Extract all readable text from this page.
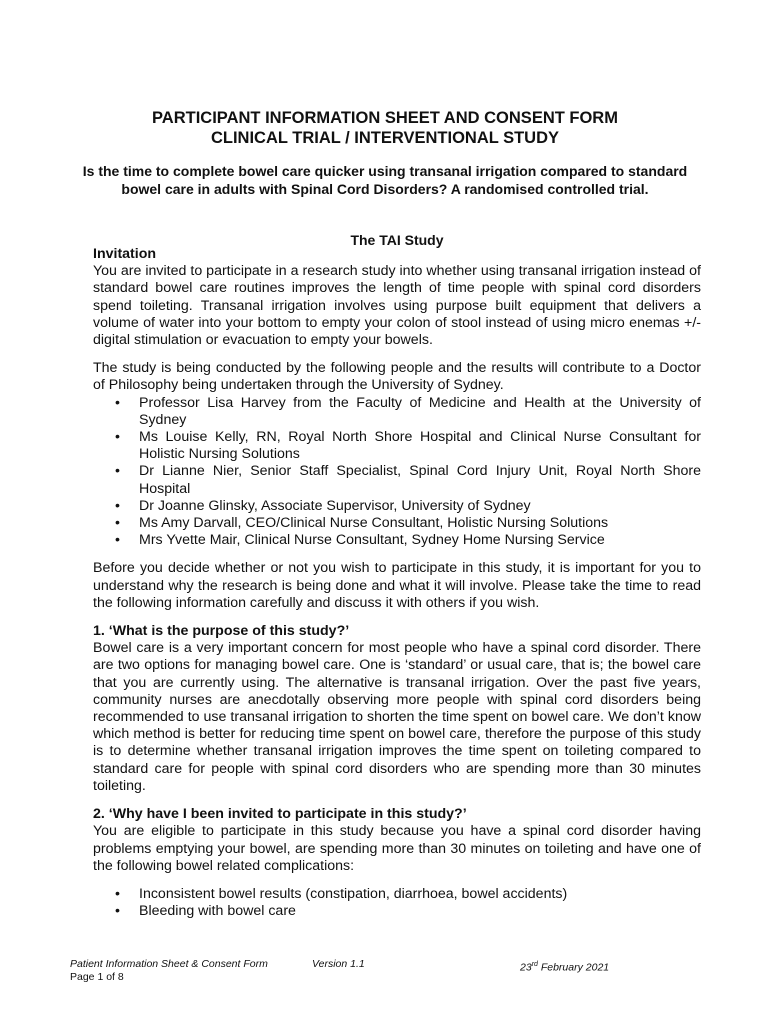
PARTICIPANT INFORMATION SHEET AND CONSENT FORM
CLINICAL TRIAL / INTERVENTIONAL STUDY
Is the time to complete bowel care quicker using transanal irrigation compared to standard bowel care in adults with Spinal Cord Disorders? A randomised controlled trial.
The TAI Study

Invitation

You are invited to participate in a research study into whether using transanal irrigation instead of standard bowel care routines improves the length of time people with spinal cord disorders spend toileting. Transanal irrigation involves using purpose built equipment that delivers a volume of water into your bottom to empty your colon of stool instead of using micro enemas +/- digital stimulation or evacuation to empty your bowels.

The study is being conducted by the following people and the results will contribute to a Doctor of Philosophy being undertaken through the University of Sydney.

• Professor Lisa Harvey from the Faculty of Medicine and Health at the University of Sydney
• Ms Louise Kelly, RN, Royal North Shore Hospital and Clinical Nurse Consultant for Holistic Nursing Solutions
• Dr Lianne Nier, Senior Staff Specialist, Spinal Cord Injury Unit, Royal North Shore Hospital
• Dr Joanne Glinsky, Associate Supervisor, University of Sydney
• Ms Amy Darvall, CEO/Clinical Nurse Consultant, Holistic Nursing Solutions
• Mrs Yvette Mair, Clinical Nurse Consultant, Sydney Home Nursing Service

Before you decide whether or not you wish to participate in this study, it is important for you to understand why the research is being done and what it will involve. Please take the time to read the following information carefully and discuss it with others if you wish.

1. ‘What is the purpose of this study?’

Bowel care is a very important concern for most people who have a spinal cord disorder. There are two options for managing bowel care. One is ‘standard’ or usual care, that is; the bowel care that you are currently using. The alternative is transanal irrigation. Over the past five years, community nurses are anecdotally observing more people with spinal cord disorders being recommended to use transanal irrigation to shorten the time spent on bowel care. We don’t know which method is better for reducing time spent on bowel care, therefore the purpose of this study is to determine whether transanal irrigation improves the time spent on toileting compared to standard care for people with spinal cord disorders who are spending more than 30 minutes toileting.

2. ‘Why have I been invited to participate in this study?’

You are eligible to participate in this study because you have a spinal cord disorder having problems emptying your bowel, are spending more than 30 minutes on toileting and have one of the following bowel related complications:

• Inconsistent bowel results (constipation, diarrhoea, bowel accidents)
• Bleeding with bowel care
Patient Information Sheet & Consent Form	Version 1.1	23rd February 2021
Page 1 of 8
